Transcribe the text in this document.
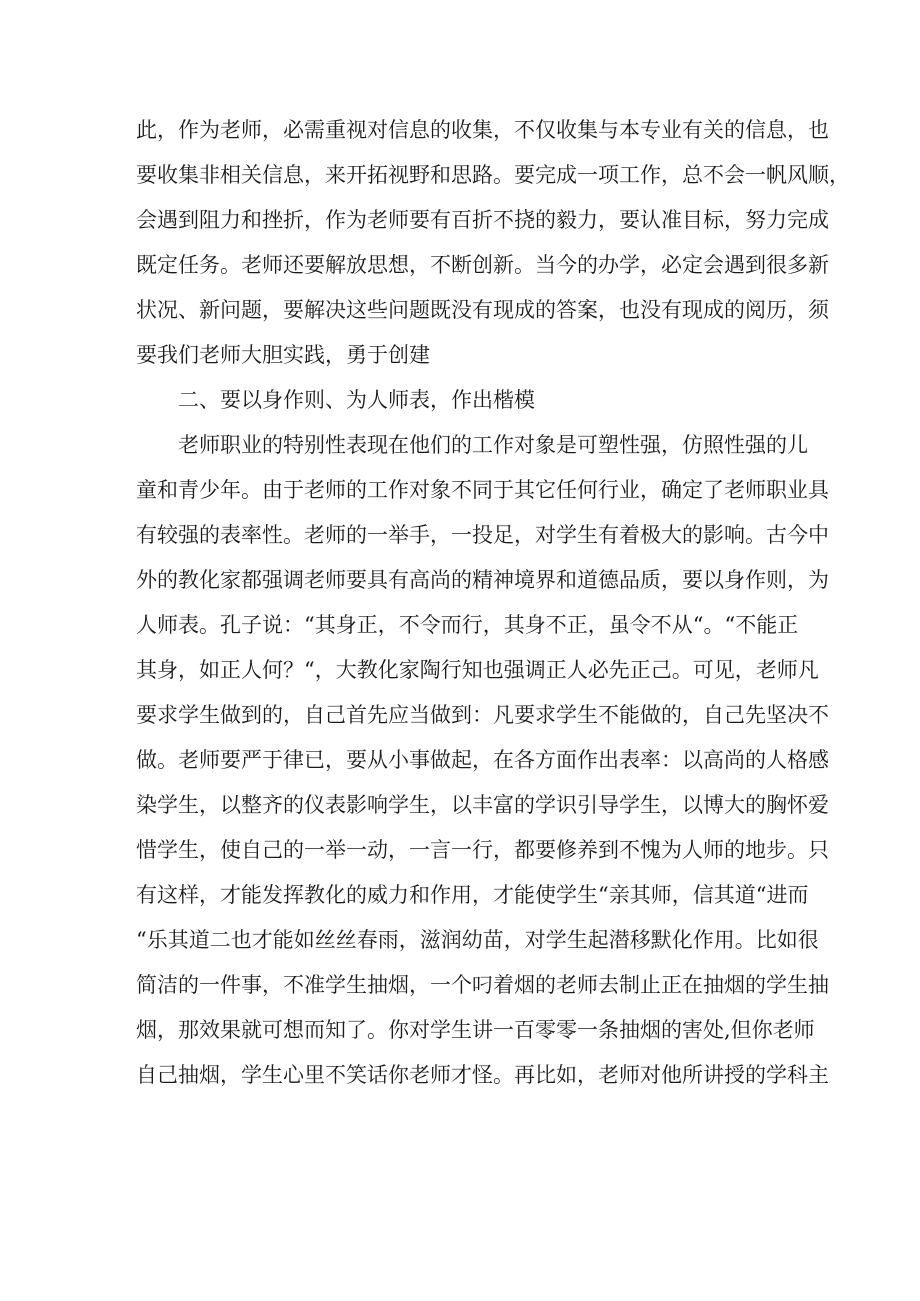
此，作为老师，必需重视对信息的收集，不仅收集与本专业有关的信息，也
要收集非相关信息，来开拓视野和思路。要完成一项工作，总不会一帆风顺，
会遇到阻力和挫折，作为老师要有百折不挠的毅力，要认准目标，努力完成
既定任务。老师还要解放思想，不断创新。当今的办学，必定会遇到很多新
状况、新问题，要解决这些问题既没有现成的答案，也没有现成的阅历，须
要我们老师大胆实践，勇于创建
二、要以身作则、为人师表，作出楷模
老师职业的特别性表现在他们的工作对象是可塑性强，仿照性强的儿
童和青少年。由于老师的工作对象不同于其它任何行业，确定了老师职业具
有较强的表率性。老师的一举手，一投足，对学生有着极大的影响。古今中
外的教化家都强调老师要具有高尚的精神境界和道德品质，要以身作则，为
人师表。孔子说：“其身正，不令而行，其身不正，虽令不从“。“不能正
其身，如正人何？“，大教化家陶行知也强调正人必先正己。可见，老师凡
要求学生做到的，自己首先应当做到：凡要求学生不能做的，自己先坚决不
做。老师要严于律已，要从小事做起，在各方面作出表率：以高尚的人格感
染学生，以整齐的仪表影响学生，以丰富的学识引导学生，以博大的胸怀爱
惜学生，使自己的一举一动，一言一行，都要修养到不愧为人师的地步。只
有这样，才能发挥教化的威力和作用，才能使学生“亲其师，信其道“进而
“乐其道二也才能如丝丝春雨，滋润幼苗，对学生起潜移默化作用。比如很
简洁的一件事，不准学生抽烟，一个叼着烟的老师去制止正在抽烟的学生抽
烟，那效果就可想而知了。你对学生讲一百零零一条抽烟的害处,但你老师
自己抽烟，学生心里不笑话你老师才怪。再比如，老师对他所讲授的学科主
